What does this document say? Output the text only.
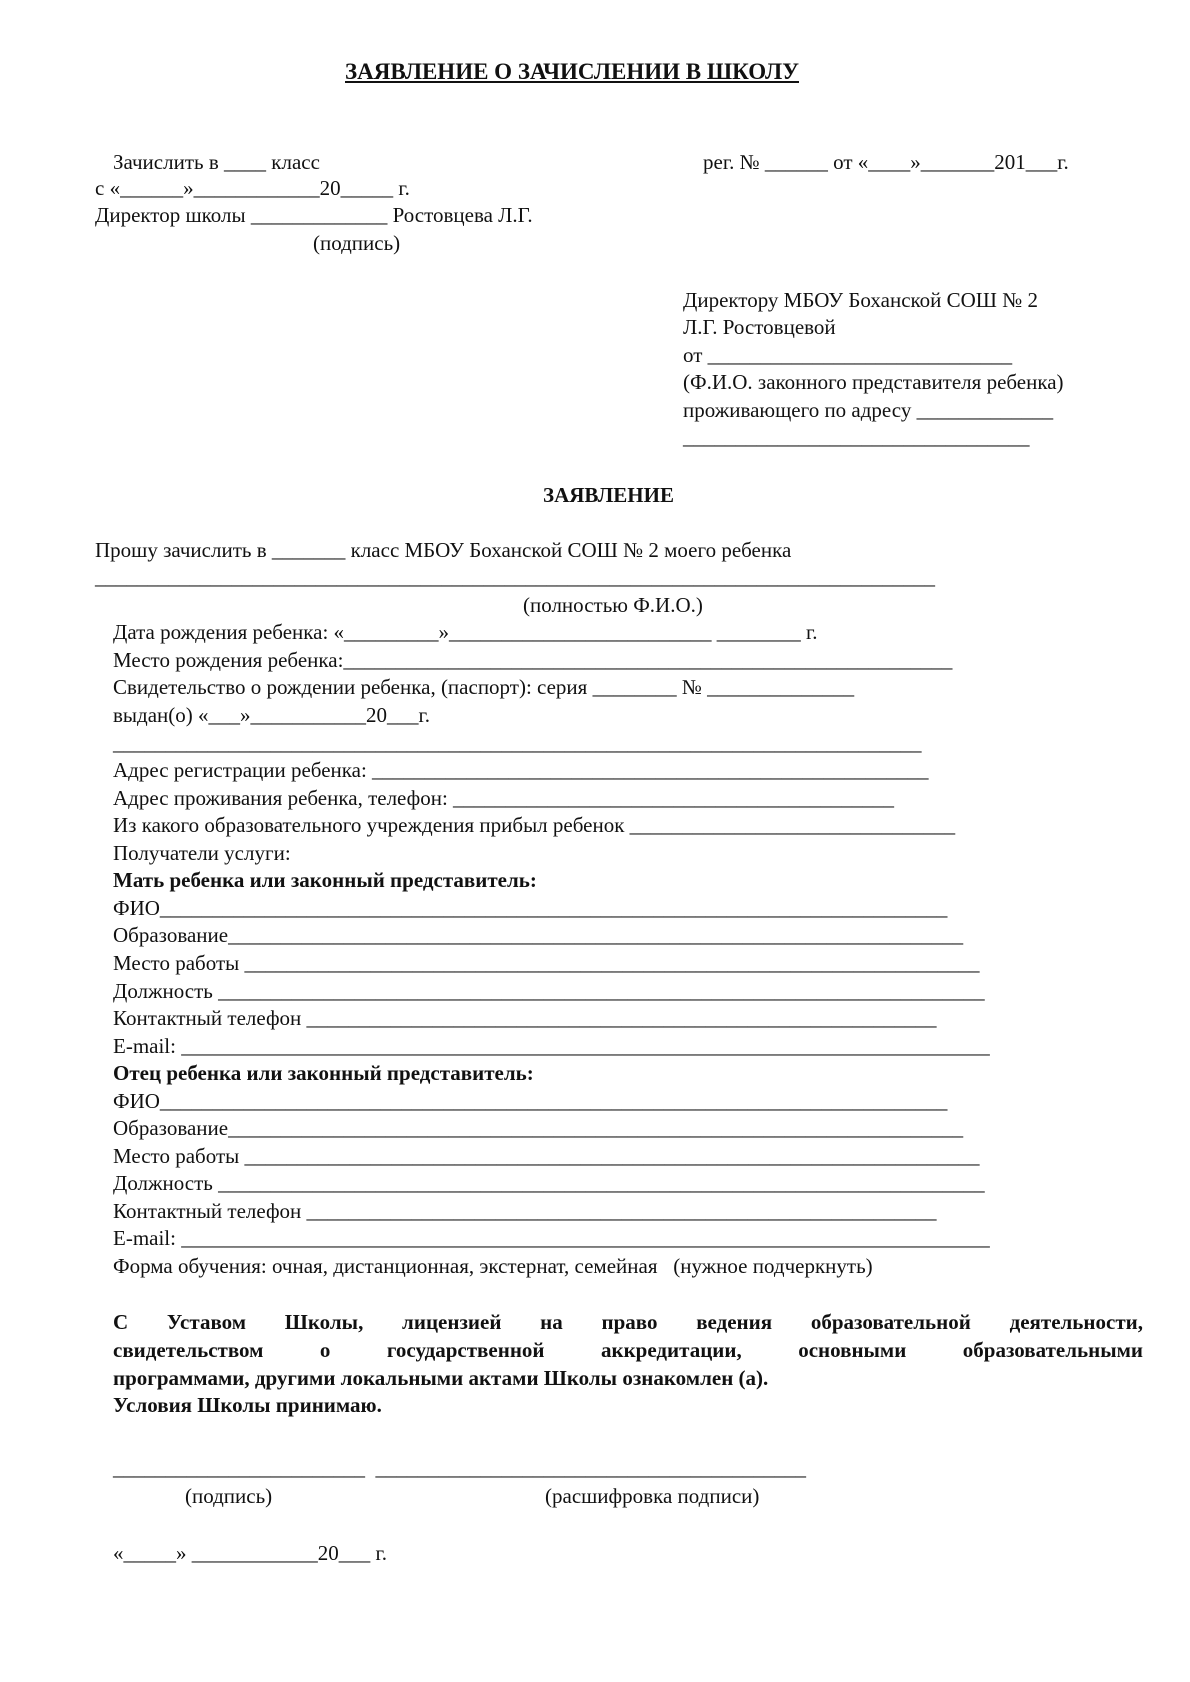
ЗАЯВЛЕНИЕ О ЗАЧИСЛЕНИИ В ШКОЛУ
Зачислить в ____ класс
с «______»____________20_____ г.
Директор школы _____________ Ростовцева Л.Г.
(подпись)
рег. № ______ от «____»_______201___г.
Директору МБОУ Боханской СОШ № 2
Л.Г. Ростовцевой
от _____________________________
(Ф.И.О. законного представителя ребенка)
проживающего по адресу _____________
_________________________________
ЗАЯВЛЕНИЕ
Прошу зачислить в _______ класс МБОУ Боханской СОШ № 2 моего ребенка
________________________________________________________________________________
(полностью Ф.И.О.)
Дата рождения ребенка: «_________»_________________________ ________ г.
Место рождения ребенка:__________________________________________________________
Свидетельство о рождении ребенка, (паспорт): серия ________ № ______________
выдан(о) «___»___________20___г.
_____________________________________________________________________________
Адрес регистрации ребенка: _____________________________________________________
Адрес проживания ребенка, телефон: __________________________________________
Из какого образовательного учреждения прибыл ребенок _______________________________
Получатели услуги:
Мать ребенка или законный представитель:
ФИО___________________________________________________________________________
Образование______________________________________________________________________
Место работы ______________________________________________________________________
Должность _________________________________________________________________________
Контактный телефон ____________________________________________________________
E-mail: _____________________________________________________________________________
Отец ребенка или законный представитель:
ФИО___________________________________________________________________________
Образование______________________________________________________________________
Место работы ______________________________________________________________________
Должность _________________________________________________________________________
Контактный телефон ____________________________________________________________
E-mail: _____________________________________________________________________________
Форма обучения: очная, дистанционная, экстернат, семейная   (нужное подчеркнуть)
С Уставом Школы, лицензией на право ведения образовательной деятельности,
свидетельством о государственной аккредитации, основными образовательными
программами, другими локальными актами Школы ознакомлен (а).
Условия Школы принимаю.
________________________  _________________________________________
(подпись)	(расшифровка подписи)
«_____» ____________20___ г.
